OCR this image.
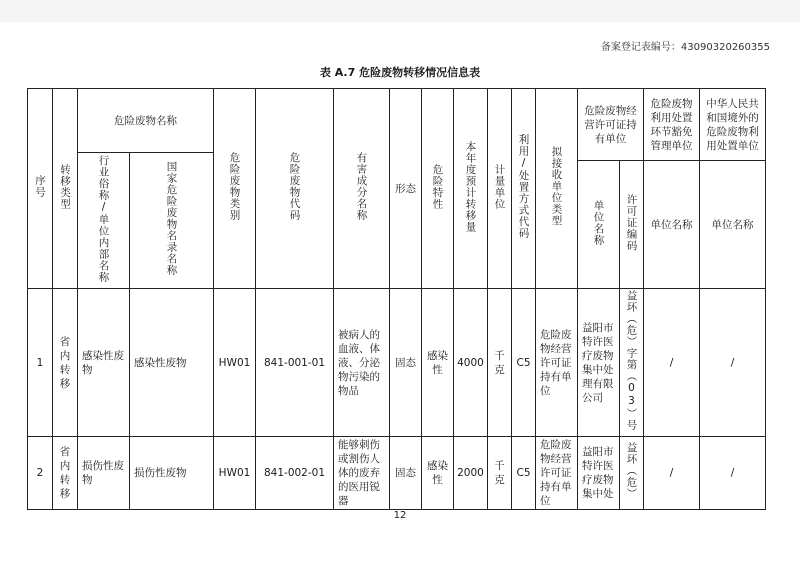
备案登记表编号：43090320260355
表 A.7 危险废物转移情况信息表
序号	转移类型	危险废物名称		危险废物类别	危险废物代码	有害成分名称	形态	危险特性	本年度预计转移量	计量单位	利用/处置方式代码	拟接收单位类型	危险废物经营许可证持有单位		危险废物利用处置环节豁免管理单位	中华人民共和国境外的危险废物利用处置单位
		行业俗称/单位内部名称	国家危险废物名录名称													
													单位名称	许可证编码	单位名称	单位名称
1	省内转移	感染性废物	感染性废物	HW01	841-001-01	被病人的血液、体液、分泌物污染的物品	固态	感染性	4000	千克	C5	危险废物经营许可证持有单位	益阳市特许医疗废物集中处理有限公司	益环（危）字第（03）号	/	/
2	省内转移	损伤性废物	损伤性废物	HW01	841-002-01	能够刺伤或割伤人体的废弃的医用锐器	固态	感染性	2000	千克	C5	危险废物经营许可证持有单位	益阳市特许医疗废物集中处	益环（危）	/	/
12
